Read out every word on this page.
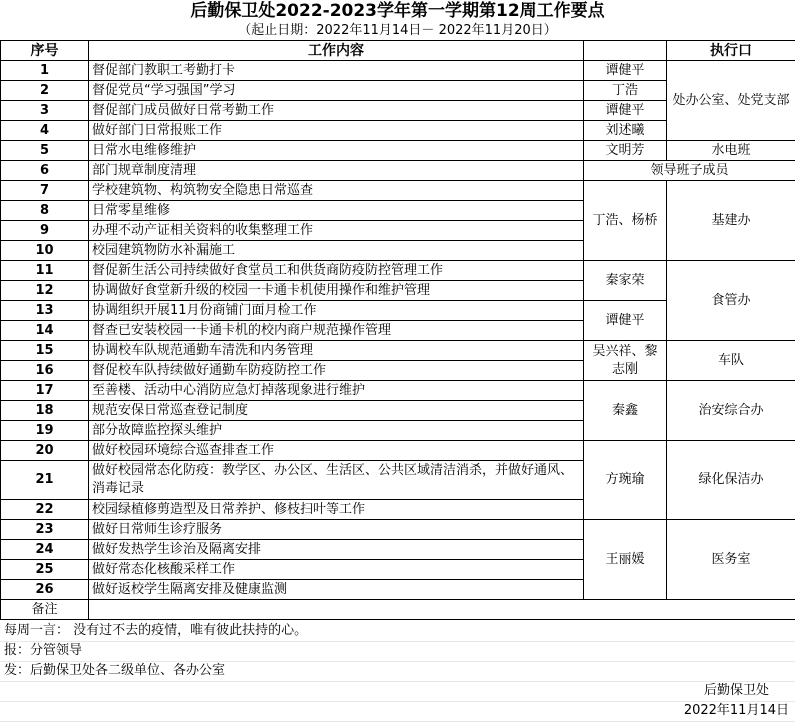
后勤保卫处2022-2023学年第一学期第12周工作要点
（起止日期：2022年11月14日－ 2022年11月20日）
序号	工作内容		执行口
1	督促部门教职工考勤打卡	谭健平	处办公室、处党支部
2	督促党员“学习强国”学习	丁浩	
3	督促部门成员做好日常考勤工作	谭健平	
4	做好部门日常报账工作	刘述曦	
5	日常水电维修维护	文明芳	水电班
6	部门规章制度清理	领导班子成员	
7	学校建筑物、构筑物安全隐患日常巡查	丁浩、杨桥	基建办
8	日常零星维修		
9	办理不动产证相关资料的收集整理工作		
10	校园建筑物防水补漏施工		
11	督促新生活公司持续做好食堂员工和供货商防疫防控管理工作	秦家荣	食管办
12	协调做好食堂新升级的校园一卡通卡机使用操作和维护管理		
13	协调组织开展11月份商铺门面月检工作	谭健平	
14	督查已安装校园一卡通卡机的校内商户规范操作管理		
15	协调校车队规范通勤车清洗和内务管理	吴兴祥、黎志刚	车队
16	督促校车队持续做好通勤车防疫防控工作		
17	至善楼、活动中心消防应急灯掉落现象进行维护	秦鑫	治安综合办
18	规范安保日常巡查登记制度		
19	部分故障监控探头维护		
20	做好校园环境综合巡查排查工作	方琬瑜	绿化保洁办
21	做好校园常态化防疫：教学区、办公区、生活区、公共区域清洁消杀，并做好通风、消毒记录		
22	校园绿植修剪造型及日常养护、修枝扫叶等工作		
23	做好日常师生诊疗服务	王丽媛	医务室
24	做好发热学生诊治及隔离安排		
25	做好常态化核酸采样工作		
26	做好返校学生隔离安排及健康监测		
备注			
每周一言： 没有过不去的疫情，唯有彼此扶持的心。
报：分管领导
发：后勤保卫处各二级单位、各办公室
后勤保卫处
2022年11月14日
